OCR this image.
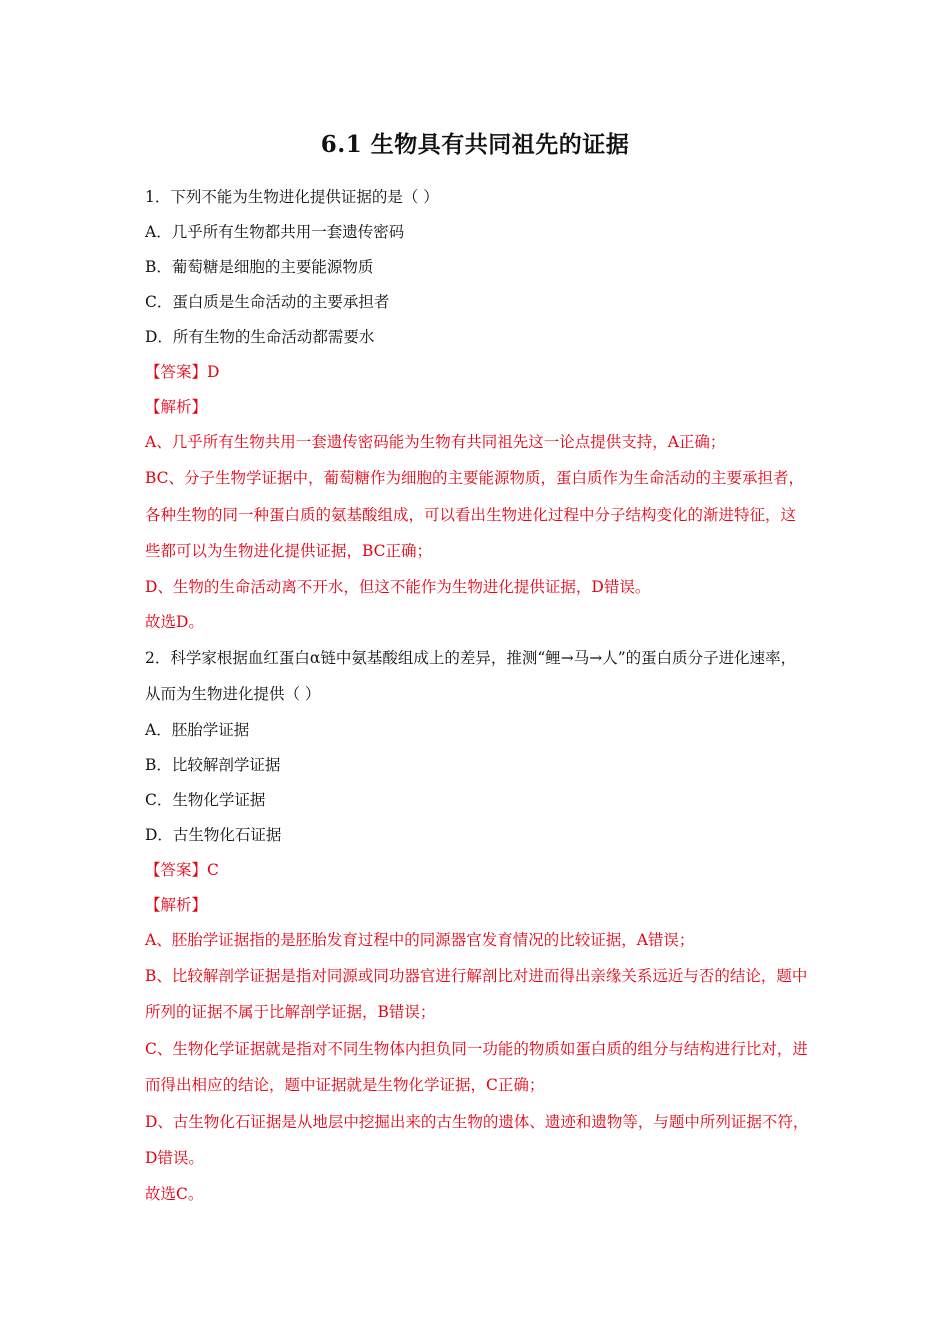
6.1 生物具有共同祖先的证据
1．下列不能为生物进化提供证据的是（ ）
A．几乎所有生物都共用一套遗传密码
B．葡萄糖是细胞的主要能源物质
C．蛋白质是生命活动的主要承担者
D．所有生物的生命活动都需要水
【答案】D
【解析】
A、几乎所有生物共用一套遗传密码能为生物有共同祖先这一论点提供支持，A正确；
BC、分子生物学证据中，葡萄糖作为细胞的主要能源物质，蛋白质作为生命活动的主要承担者，各种生物的同一种蛋白质的氨基酸组成，可以看出生物进化过程中分子结构变化的渐进特征，这些都可以为生物进化提供证据，BC正确；
D、生物的生命活动离不开水，但这不能作为生物进化提供证据，D错误。
故选D。
2．科学家根据血红蛋白α链中氨基酸组成上的差异，推测“鲤→马→人”的蛋白质分子进化速率，从而为生物进化提供（ ）
A．胚胎学证据
B．比较解剖学证据
C．生物化学证据
D．古生物化石证据
【答案】C
【解析】
A、胚胎学证据指的是胚胎发育过程中的同源器官发育情况的比较证据，A错误；
B、比较解剖学证据是指对同源或同功器官进行解剖比对进而得出亲缘关系远近与否的结论，题中所列的证据不属于比解剖学证据，B错误；
C、生物化学证据就是指对不同生物体内担负同一功能的物质如蛋白质的组分与结构进行比对，进而得出相应的结论，题中证据就是生物化学证据，C正确；
D、古生物化石证据是从地层中挖掘出来的古生物的遗体、遗迹和遗物等，与题中所列证据不符，D错误。
故选C。
